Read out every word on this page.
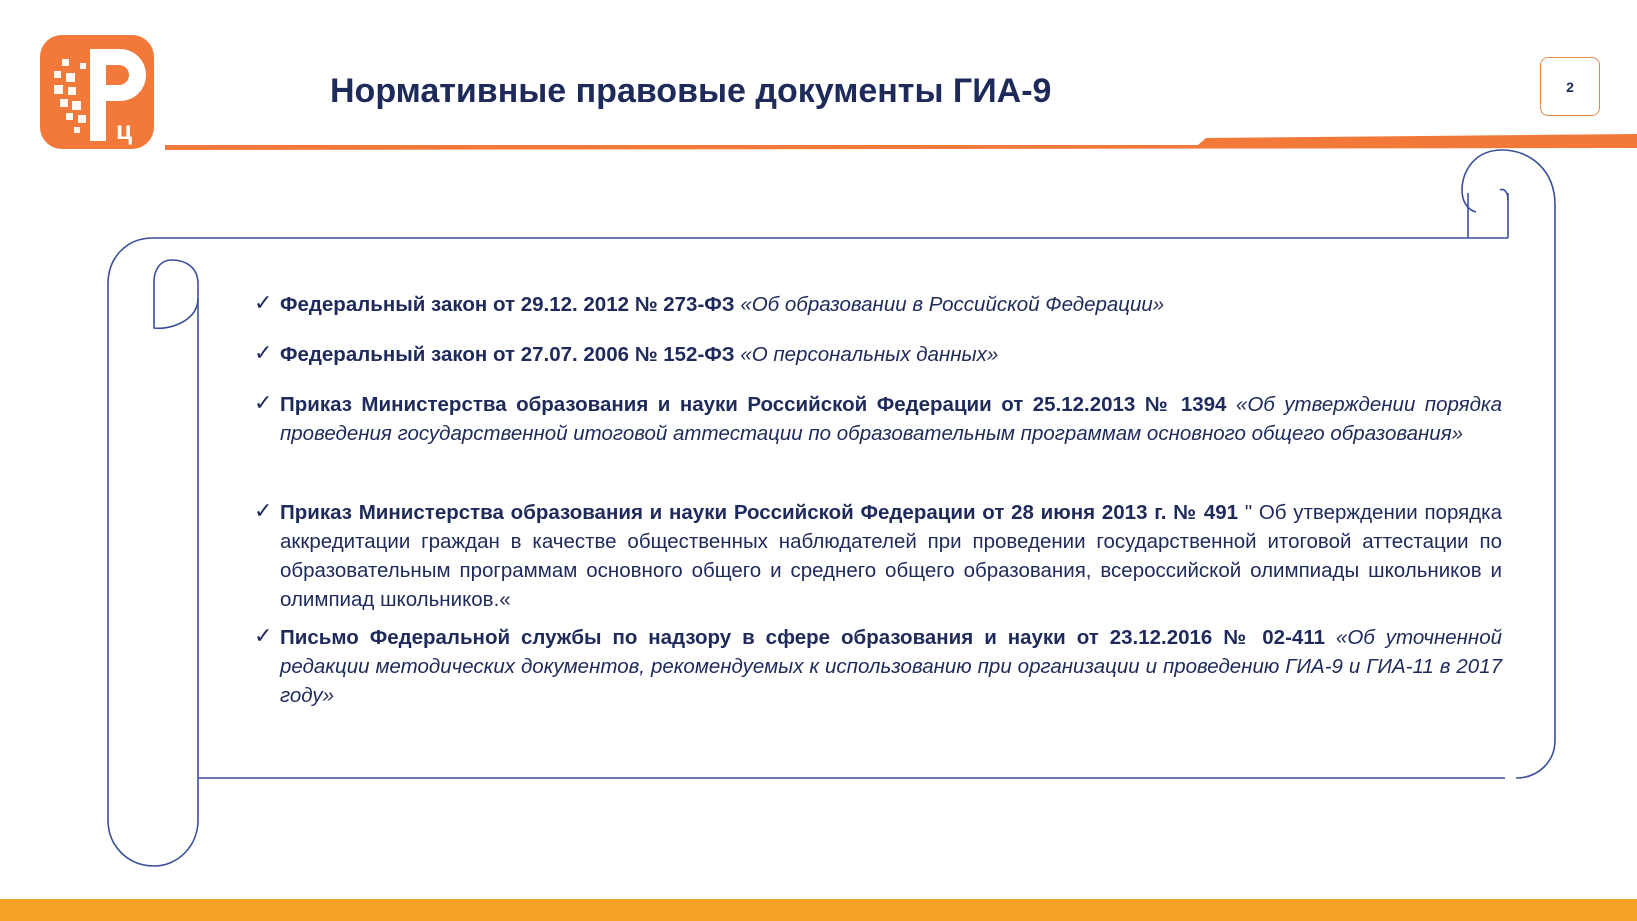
ц
Нормативные правовые документы ГИА-9	2

✓ Федеральный закон от 29.12. 2012 № 273-ФЗ «Об образовании в Российской Федерации»

✓ Федеральный закон от 27.07. 2006 № 152-ФЗ «О персональных данных»

✓ Приказ Министерства образования и науки Российской Федерации от 25.12.2013 № 1394 «Об утверждении порядка проведения государственной итоговой аттестации по образовательным программам основного общего образования»

✓ Приказ Министерства образования и науки Российской Федерации от 28 июня 2013 г. № 491 " Об утверждении порядка аккредитации граждан в качестве общественных наблюдателей при проведении государственной итоговой аттестации по образовательным программам основного общего и среднего общего образования, всероссийской олимпиады школьников и олимпиад школьников.«

✓ Письмо Федеральной службы по надзору в сфере образования и науки от 23.12.2016 № 02-411 «Об уточненной редакции методических документов, рекомендуемых к использованию при организации и проведению ГИА-9 и ГИА-11 в 2017 году»
